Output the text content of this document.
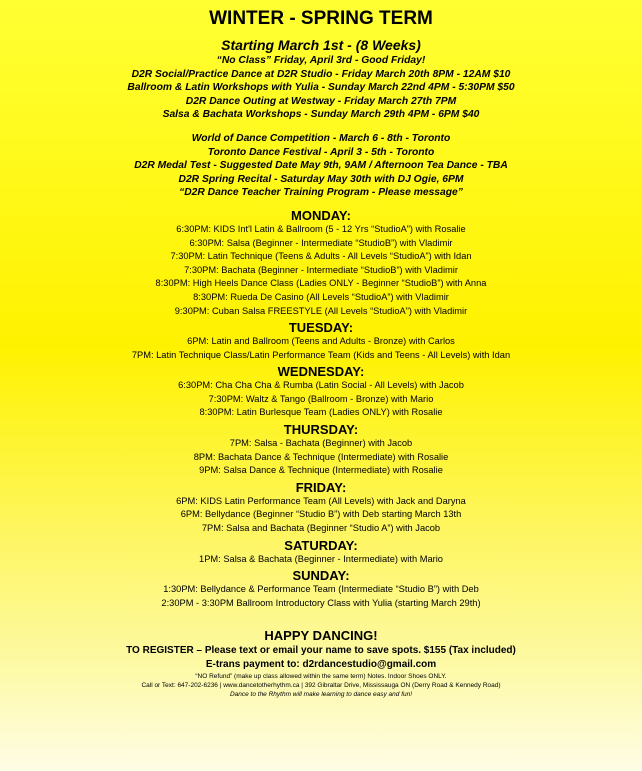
WINTER - SPRING TERM
Starting March 1st - (8 Weeks)
“No Class” Friday, April 3rd - Good Friday!
D2R Social/Practice Dance at D2R Studio - Friday March 20th 8PM - 12AM $10
Ballroom & Latin Workshops with Yulia - Sunday March 22nd 4PM - 5:30PM $50
D2R Dance Outing at Westway - Friday March 27th 7PM
Salsa & Bachata Workshops - Sunday March 29th 4PM - 6PM $40
World of Dance Competition - March 6 - 8th - Toronto
Toronto Dance Festival - April 3 - 5th - Toronto
D2R Medal Test - Suggested Date May 9th, 9AM / Afternoon Tea Dance - TBA
D2R Spring Recital - Saturday May 30th with DJ Ogie, 6PM
“D2R Dance Teacher Training Program - Please message”
MONDAY:
6:30PM: KIDS Int'l Latin & Ballroom (5 - 12 Yrs “StudioA”) with Rosalie
6:30PM: Salsa (Beginner - Intermediate “StudioB”) with Vladimir
7:30PM: Latin Technique (Teens & Adults - All Levels “StudioA”) with Idan
7:30PM: Bachata (Beginner - Intermediate “StudioB”) with Vladimir
8:30PM: High Heels Dance Class (Ladies ONLY - Beginner “StudioB”) with Anna
8:30PM: Rueda De Casino (All Levels “StudioA”) with Vladimir
9:30PM: Cuban Salsa FREESTYLE (All Levels “StudioA”) with Vladimir
TUESDAY:
6PM: Latin and Ballroom (Teens and Adults - Bronze) with Carlos
7PM: Latin Technique Class/Latin Performance Team (Kids and Teens - All Levels) with Idan
WEDNESDAY:
6:30PM: Cha Cha Cha & Rumba (Latin Social - All Levels) with Jacob
7:30PM: Waltz & Tango (Ballroom - Bronze) with Mario
8:30PM: Latin Burlesque Team (Ladies ONLY) with Rosalie
THURSDAY:
7PM: Salsa - Bachata (Beginner) with Jacob
8PM: Bachata Dance & Technique (Intermediate) with Rosalie
9PM: Salsa Dance & Technique (Intermediate) with Rosalie
FRIDAY:
6PM: KIDS Latin Performance Team (All Levels) with Jack and Daryna
6PM: Bellydance (Beginner “Studio B”) with Deb starting March 13th
7PM: Salsa and Bachata (Beginner “Studio A”) with Jacob
SATURDAY:
1PM: Salsa & Bachata (Beginner - Intermediate) with Mario
SUNDAY:
1:30PM: Bellydance & Performance Team (Intermediate “Studio B”) with Deb
2:30PM - 3:30PM Ballroom Introductory Class with Yulia (starting March 29th)
HAPPY DANCING!
TO REGISTER – Please text or email your name to save spots. $155 (Tax included)
E-trans payment to: d2rdancestudio@gmail.com
“NO Refund” (make up class allowed within the same term) Notes. Indoor Shoes ONLY.
Call or Text: 647-202-6236 | www.dancetotherhythm.ca | 392 Gibraltar Drive, Mississauga ON (Derry Road & Kennedy Road)
Dance to the Rhythm will make learning to dance easy and fun!
